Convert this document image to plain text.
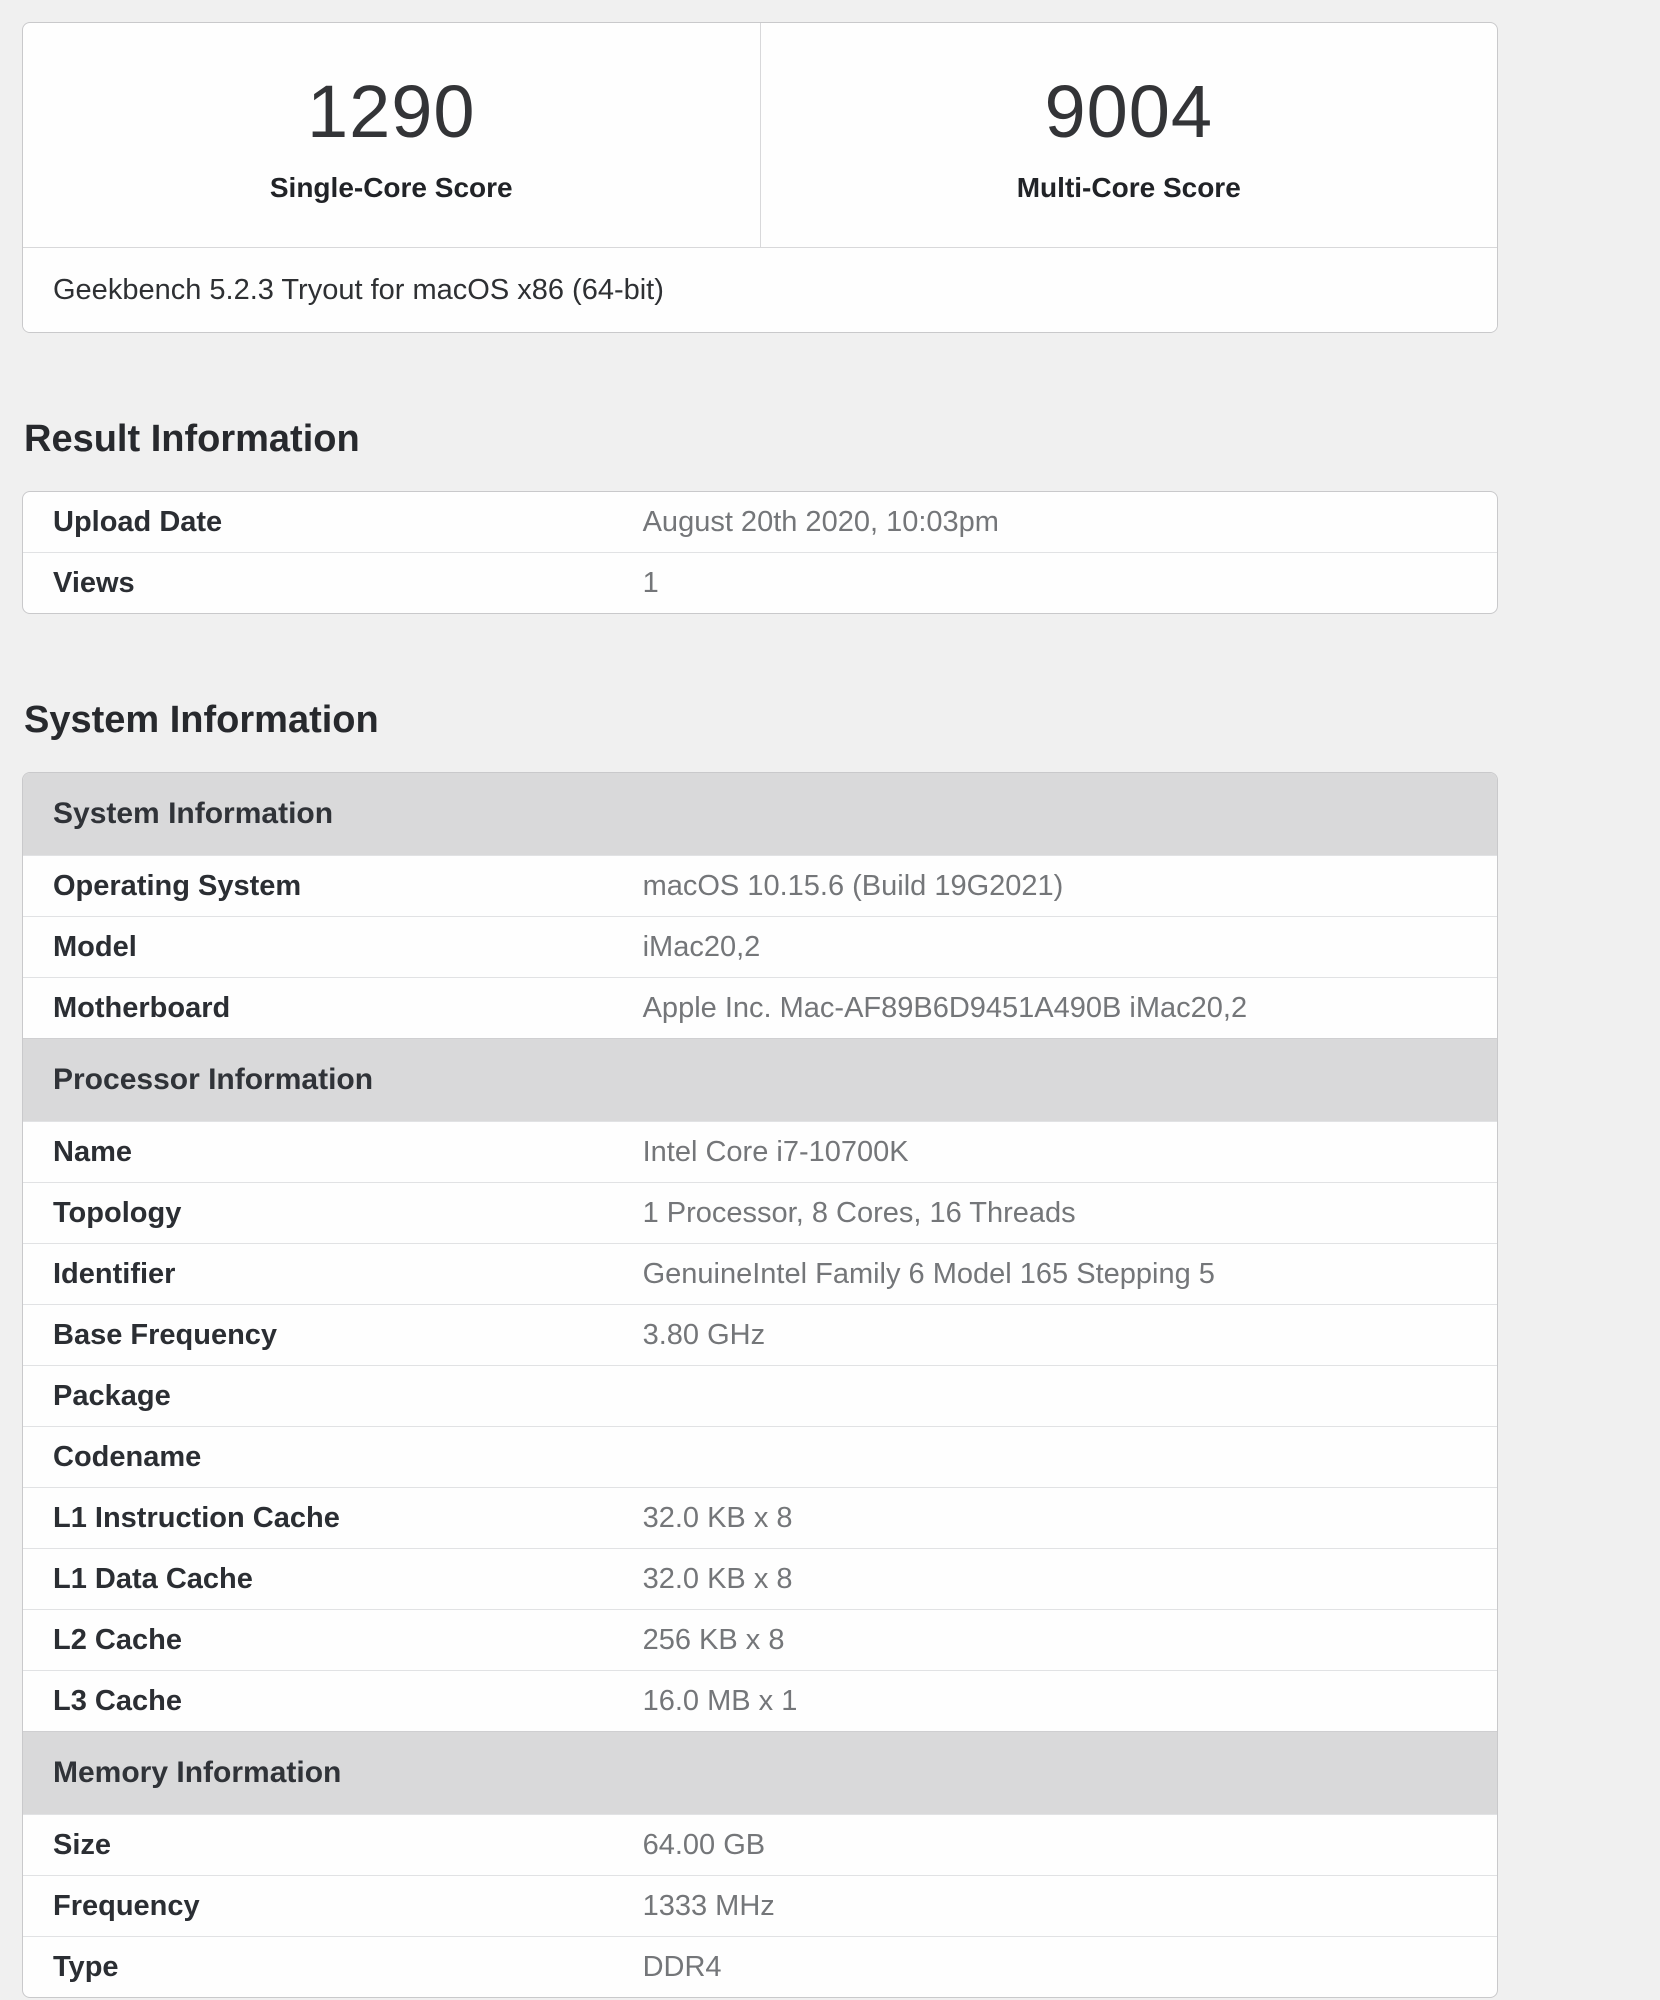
1290
Single-Core Score
9004
Multi-Core Score
Geekbench 5.2.3 Tryout for macOS x86 (64-bit)
Result Information
Upload Date	August 20th 2020, 10:03pm
Views	1
System Information
System Information	
Operating System	macOS 10.15.6 (Build 19G2021)
Model	iMac20,2
Motherboard	Apple Inc. Mac-AF89B6D9451A490B iMac20,2
Processor Information	
Name	Intel Core i7-10700K
Topology	1 Processor, 8 Cores, 16 Threads
Identifier	GenuineIntel Family 6 Model 165 Stepping 5
Base Frequency	3.80 GHz
Package	
Codename	
L1 Instruction Cache	32.0 KB x 8
L1 Data Cache	32.0 KB x 8
L2 Cache	256 KB x 8
L3 Cache	16.0 MB x 1
Memory Information	
Size	64.00 GB
Frequency	1333 MHz
Type	DDR4
